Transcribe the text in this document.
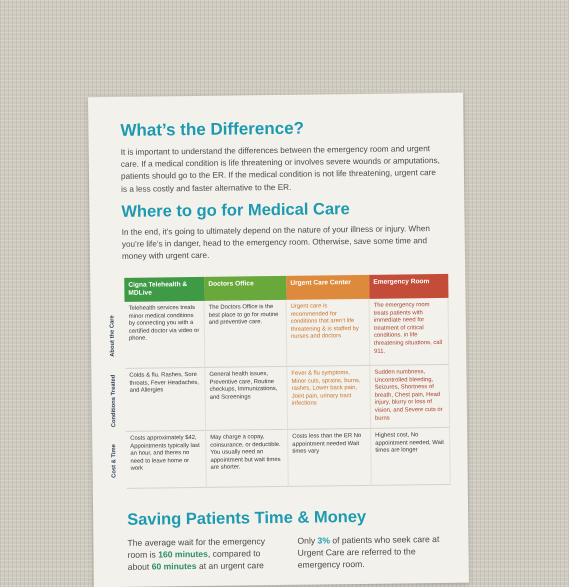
What’s the Difference?
It is important to understand the differences between the emergency room and urgent care. If a medical condition is life threatening or involves severe wounds or amputations, patients should go to the ER. If the medical condition is not life threatening, urgent care is a less costly and faster alternative to the ER.
Where to go for Medical Care
In the end, it’s going to ultimately depend on the nature of your illness or injury. When you’re life’s in danger, head to the emergency room. Otherwise, save some time and money with urgent care.
About the Care
Conditions Treated
Cost & Time
Cigna Telehealth & MDLive
Doctors Office	Urgent Care Center	Emergency Room
Telehealth services treats minor medical conditions by connecting you with a certified doctor via video or phone.
The Doctors Office is the best place to go for routine and preventive care.
Urgent care is recommended for conditions that aren’t life threatening & is staffed by nurses and doctors
The emergency room treats patients with immediate need for treatment of critical conditions. in life threatening situations, call 911.
Colds & flu. Rashes, Sore throats, Fever Headaches, and Allergies
General health issues, Preventive care, Routine checkups, Immunizations, and Screenings
Fever & flu symptoms, Minor cuts, sprains, burns, rashes, Lower back pain, Joint pain, urinary tract infections
Sudden numbness, Uncontrolled bleeding, Seizures, Shortness of breath, Chest pain, Head injury, blurry or loss of vision, and Severe cuts or burns
Costs approximately $42, Appointments typically last an hour, and theres no need to leave home or work
May charge a copay, coinsurance, or deductible. You usually need an appointment but wait times are shorter.
Costs less than the ER No appointment needed Wait times vary
Highest cost, No appointment needed, Wait times are longer
Saving Patients Time & Money
The average wait for the emergency room is 160 minutes, compared to about 60 minutes at an urgent care
Only 3% of patients who seek care at Urgent Care are referred to the emergency room.
